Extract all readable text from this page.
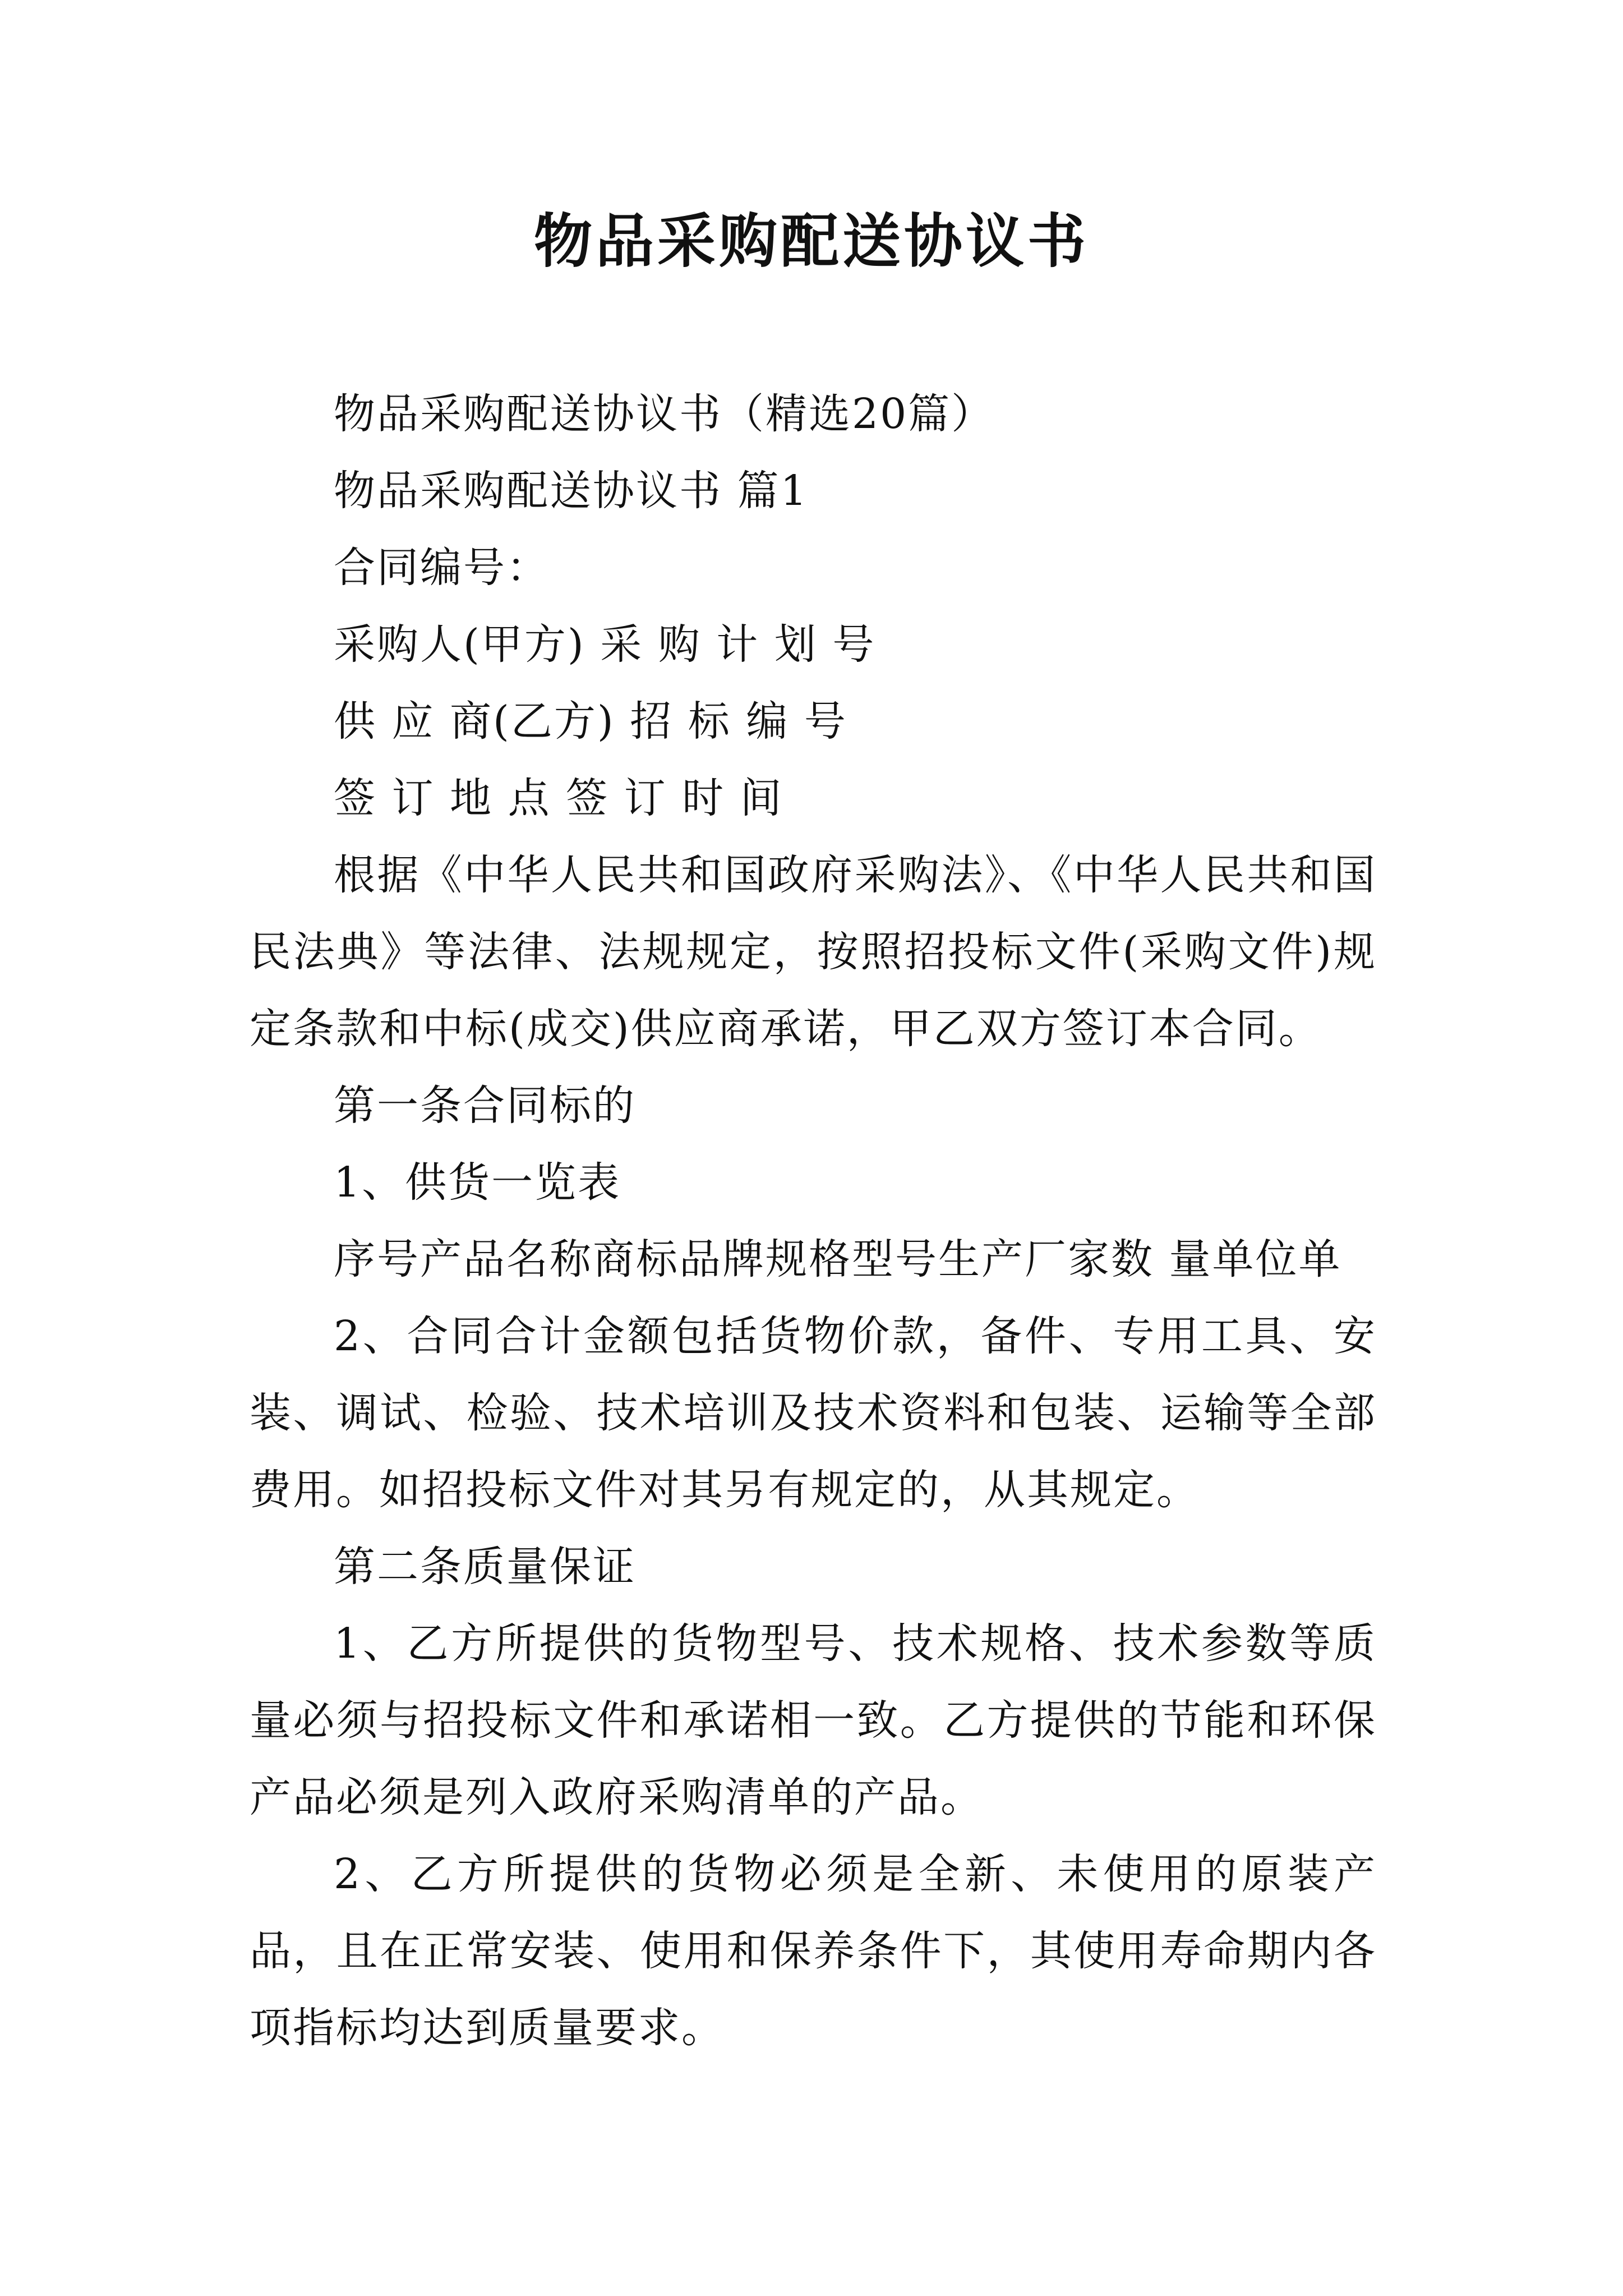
物品采购配送协议书

物品采购配送协议书（精选20篇）

物品采购配送协议书 篇1

合同编号：

采购人(甲方) 采 购 计 划 号

供 应 商(乙方) 招 标 编 号

签 订 地 点 签 订 时 间

根据《中华人民共和国政府采购法》、《中华人民共和国民法典》等法律、法规规定，按照招投标文件(采购文件)规定条款和中标(成交)供应商承诺，甲乙双方签订本合同。

第一条合同标的

1、供货一览表

序号产品名称商标品牌规格型号生产厂家数 量单位单

2、合同合计金额包括货物价款，备件、专用工具、安装、调试、检验、技术培训及技术资料和包装、运输等全部费用。如招投标文件对其另有规定的，从其规定。

第二条质量保证

1、乙方所提供的货物型号、技术规格、技术参数等质量必须与招投标文件和承诺相一致。乙方提供的节能和环保产品必须是列入政府采购清单的产品。

2、乙方所提供的货物必须是全新、未使用的原装产品，且在正常安装、使用和保养条件下，其使用寿命期内各项指标均达到质量要求。
